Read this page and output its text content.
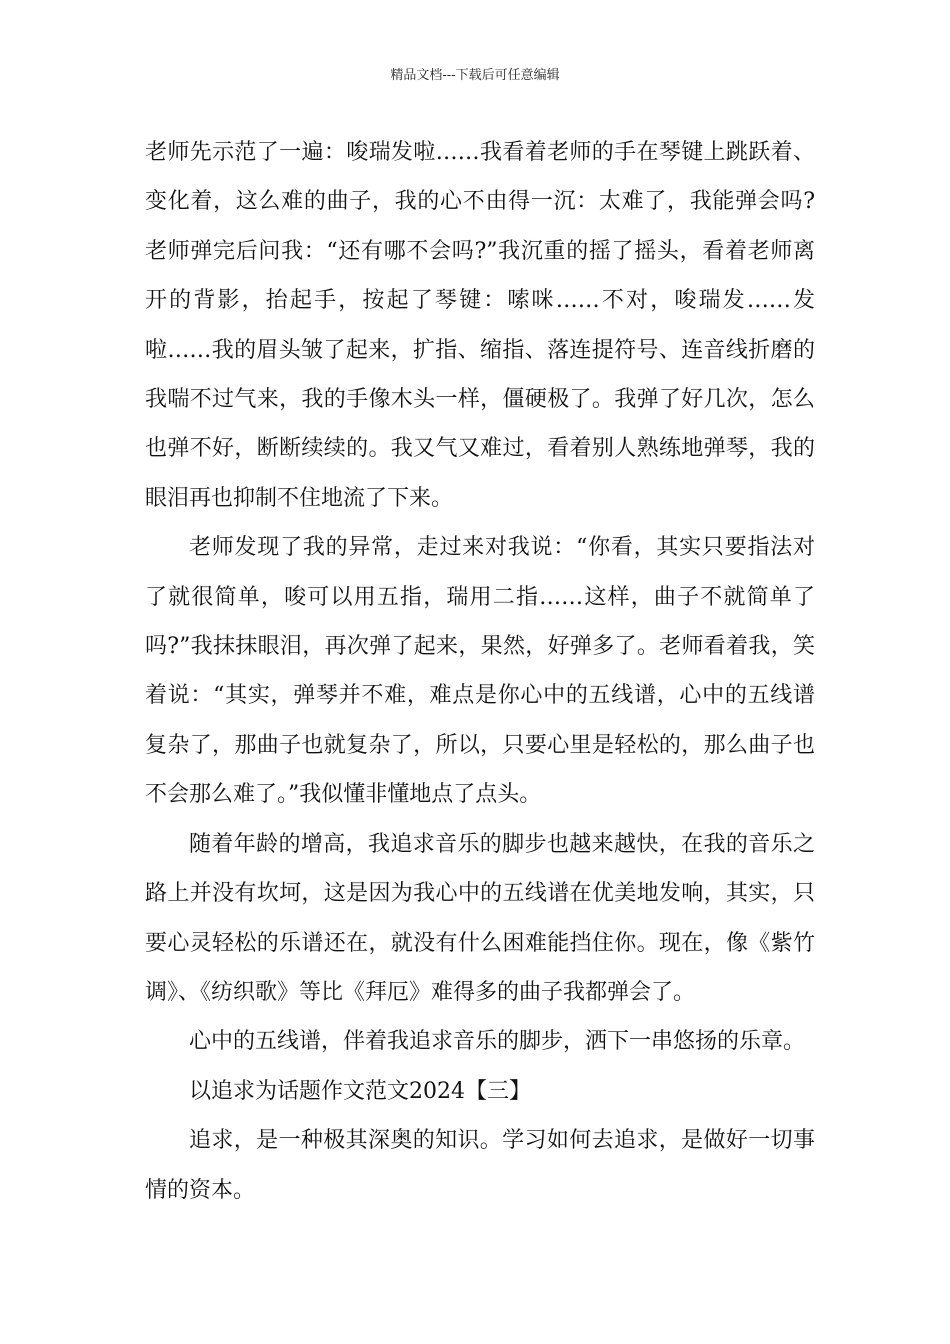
精品文档---下载后可任意编辑

老师先示范了一遍：唆瑞发啦……我看着老师的手在琴键上跳跃着、变化着，这么难的曲子，我的心不由得一沉：太难了，我能弹会吗?老师弹完后问我：“还有哪不会吗?”我沉重的摇了摇头，看着老师离开的背影，抬起手，按起了琴键：嗦咪……不对，唆瑞发……发啦……我的眉头皱了起来，扩指、缩指、落连提符号、连音线折磨的我喘不过气来，我的手像木头一样，僵硬极了。我弹了好几次，怎么也弹不好，断断续续的。我又气又难过，看着别人熟练地弹琴，我的眼泪再也抑制不住地流了下来。

老师发现了我的异常，走过来对我说：“你看，其实只要指法对了就很简单，唆可以用五指，瑞用二指……这样，曲子不就简单了吗?”我抹抹眼泪，再次弹了起来，果然，好弹多了。老师看着我，笑着说：“其实，弹琴并不难，难点是你心中的五线谱，心中的五线谱复杂了，那曲子也就复杂了，所以，只要心里是轻松的，那么曲子也不会那么难了。”我似懂非懂地点了点头。

随着年龄的增高，我追求音乐的脚步也越来越快，在我的音乐之路上并没有坎坷，这是因为我心中的五线谱在优美地发响，其实，只要心灵轻松的乐谱还在，就没有什么困难能挡住你。现在，像《紫竹调》、《纺织歌》等比《拜厄》难得多的曲子我都弹会了。

心中的五线谱，伴着我追求音乐的脚步，洒下一串悠扬的乐章。

以追求为话题作文范文2024【三】

追求，是一种极其深奥的知识。学习如何去追求，是做好一切事情的资本。
